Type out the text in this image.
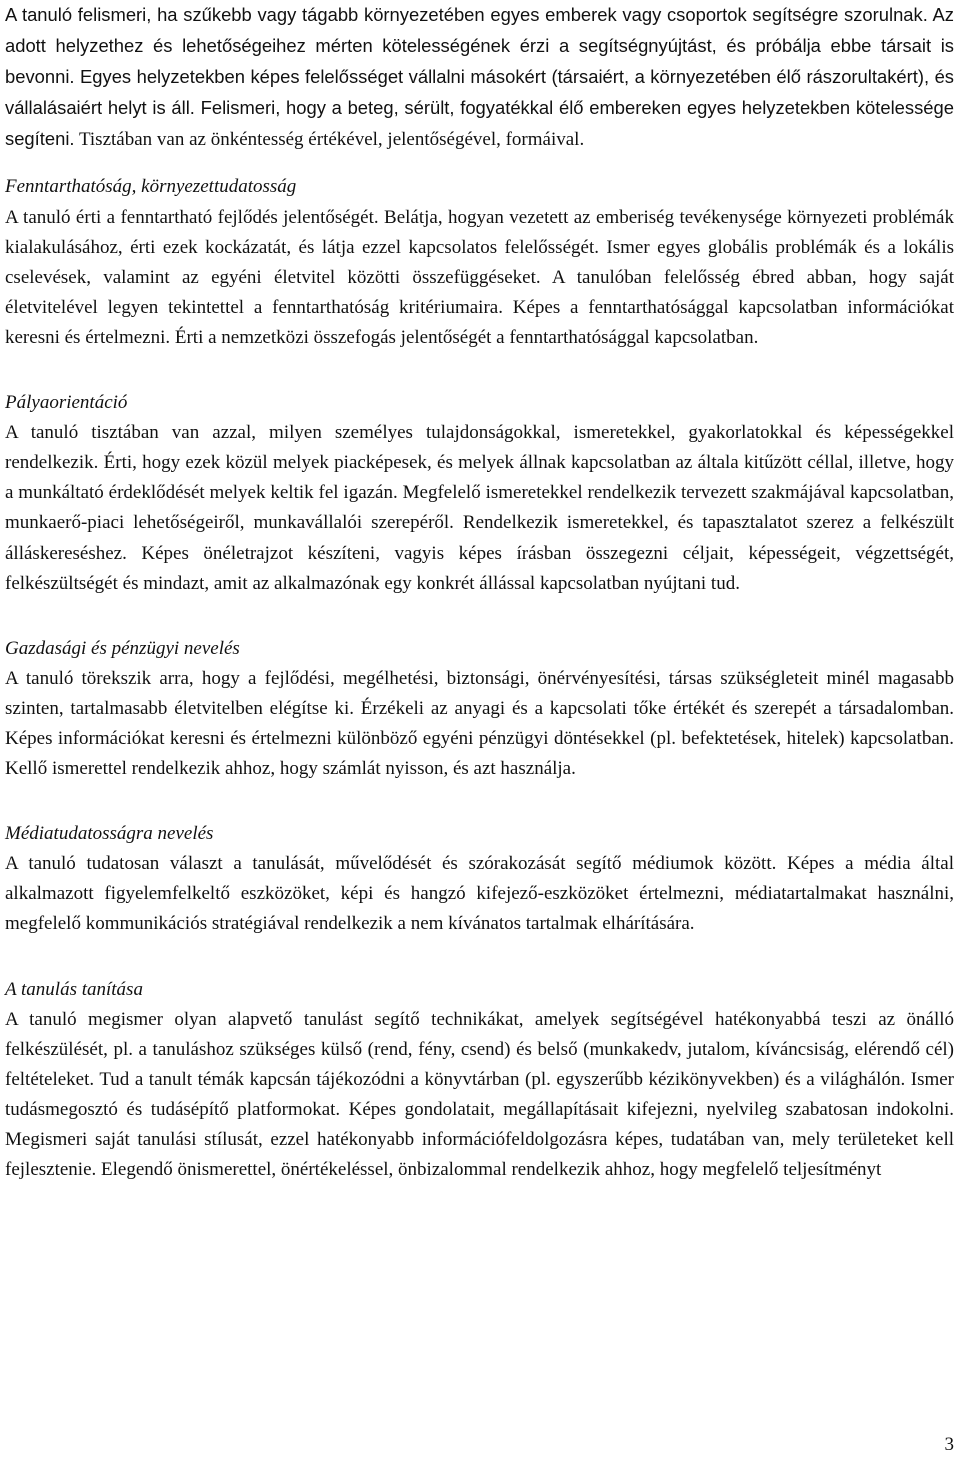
A tanuló felismeri, ha szűkebb vagy tágabb környezetében egyes emberek vagy csoportok segítségre szorulnak. Az adott helyzethez és lehetőségeihez mérten kötelességének érzi a segítségnyújtást, és próbálja ebbe társait is bevonni. Egyes helyzetekben képes felelősséget vállalni másokért (társaiért, a környezetében élő rászorultakért), és vállalásaiért helyt is áll. Felismeri, hogy a beteg, sérült, fogyatékkal élő embereken egyes helyzetekben kötelessége segíteni. Tisztában van az önkéntesség értékével, jelentőségével, formáival.

Fenntarthatóság, környezettudatosság

A tanuló érti a fenntartható fejlődés jelentőségét. Belátja, hogyan vezetett az emberiség tevékenysége környezeti problémák kialakulásához, érti ezek kockázatát, és látja ezzel kapcsolatos felelősségét. Ismer egyes globális problémák és a lokális cselevések, valamint az egyéni életvitel közötti összefüggéseket. A tanulóban felelősség ébred abban, hogy saját életvitelével legyen tekintettel a fenntarthatóság kritériumaira. Képes a fenntarthatósággal kapcsolatban információkat keresni és értelmezni. Érti a nemzetközi összefogás jelentőségét a fenntarthatósággal kapcsolatban.

Pályaorientáció

A tanuló tisztában van azzal, milyen személyes tulajdonságokkal, ismeretekkel, gyakorlatokkal és képességekkel rendelkezik. Érti, hogy ezek közül melyek piacképesek, és melyek állnak kapcsolatban az általa kitűzött céllal, illetve, hogy a munkáltató érdeklődését melyek keltik fel igazán. Megfelelő ismeretekkel rendelkezik tervezett szakmájával kapcsolatban, munkaerő-piaci lehetőségeiről, munkavállalói szerepéről. Rendelkezik ismeretekkel, és tapasztalatot szerez a felkészült álláskereséshez. Képes önéletrajzot készíteni, vagyis képes írásban összegezni céljait, képességeit, végzettségét, felkészültségét és mindazt, amit az alkalmazónak egy konkrét állással kapcsolatban nyújtani tud.

Gazdasági és pénzügyi nevelés

A tanuló törekszik arra, hogy a fejlődési, megélhetési, biztonsági, önérvényesítési, társas szükségleteit minél magasabb szinten, tartalmasabb életvitelben elégítse ki. Érzékeli az anyagi és a kapcsolati tőke értékét és szerepét a társadalomban. Képes információkat keresni és értelmezni különböző egyéni pénzügyi döntésekkel (pl. befektetések, hitelek) kapcsolatban. Kellő ismerettel rendelkezik ahhoz, hogy számlát nyisson, és azt használja.

Médiatudatosságra nevelés

A tanuló tudatosan választ a tanulását, művelődését és szórakozását segítő médiumok között. Képes a média által alkalmazott figyelemfelkeltő eszközöket, képi és hangzó kifejező-eszközöket értelmezni, médiatartalmakat használni, megfelelő kommunikációs stratégiával rendelkezik a nem kívánatos tartalmak elhárítására.

A tanulás tanítása

A tanuló megismer olyan alapvető tanulást segítő technikákat, amelyek segítségével hatékonyabbá teszi az önálló felkészülését, pl. a tanuláshoz szükséges külső (rend, fény, csend) és belső (munkakedv, jutalom, kíváncsiság, elérendő cél) feltételeket. Tud a tanult témák kapcsán tájékozódni a könyvtárban (pl. egyszerűbb kézikönyvekben) és a világhálón. Ismer tudásmegosztó és tudásépítő platformokat. Képes gondolatait, megállapításait kifejezni, nyelvileg szabatosan indokolni. Megismeri saját tanulási stílusát, ezzel hatékonyabb információfeldolgozásra képes, tudatában van, mely területeket kell fejlesztenie. Elegendő önismerettel, önértékeléssel, önbizalommal rendelkezik ahhoz, hogy megfelelő teljesítményt

3
